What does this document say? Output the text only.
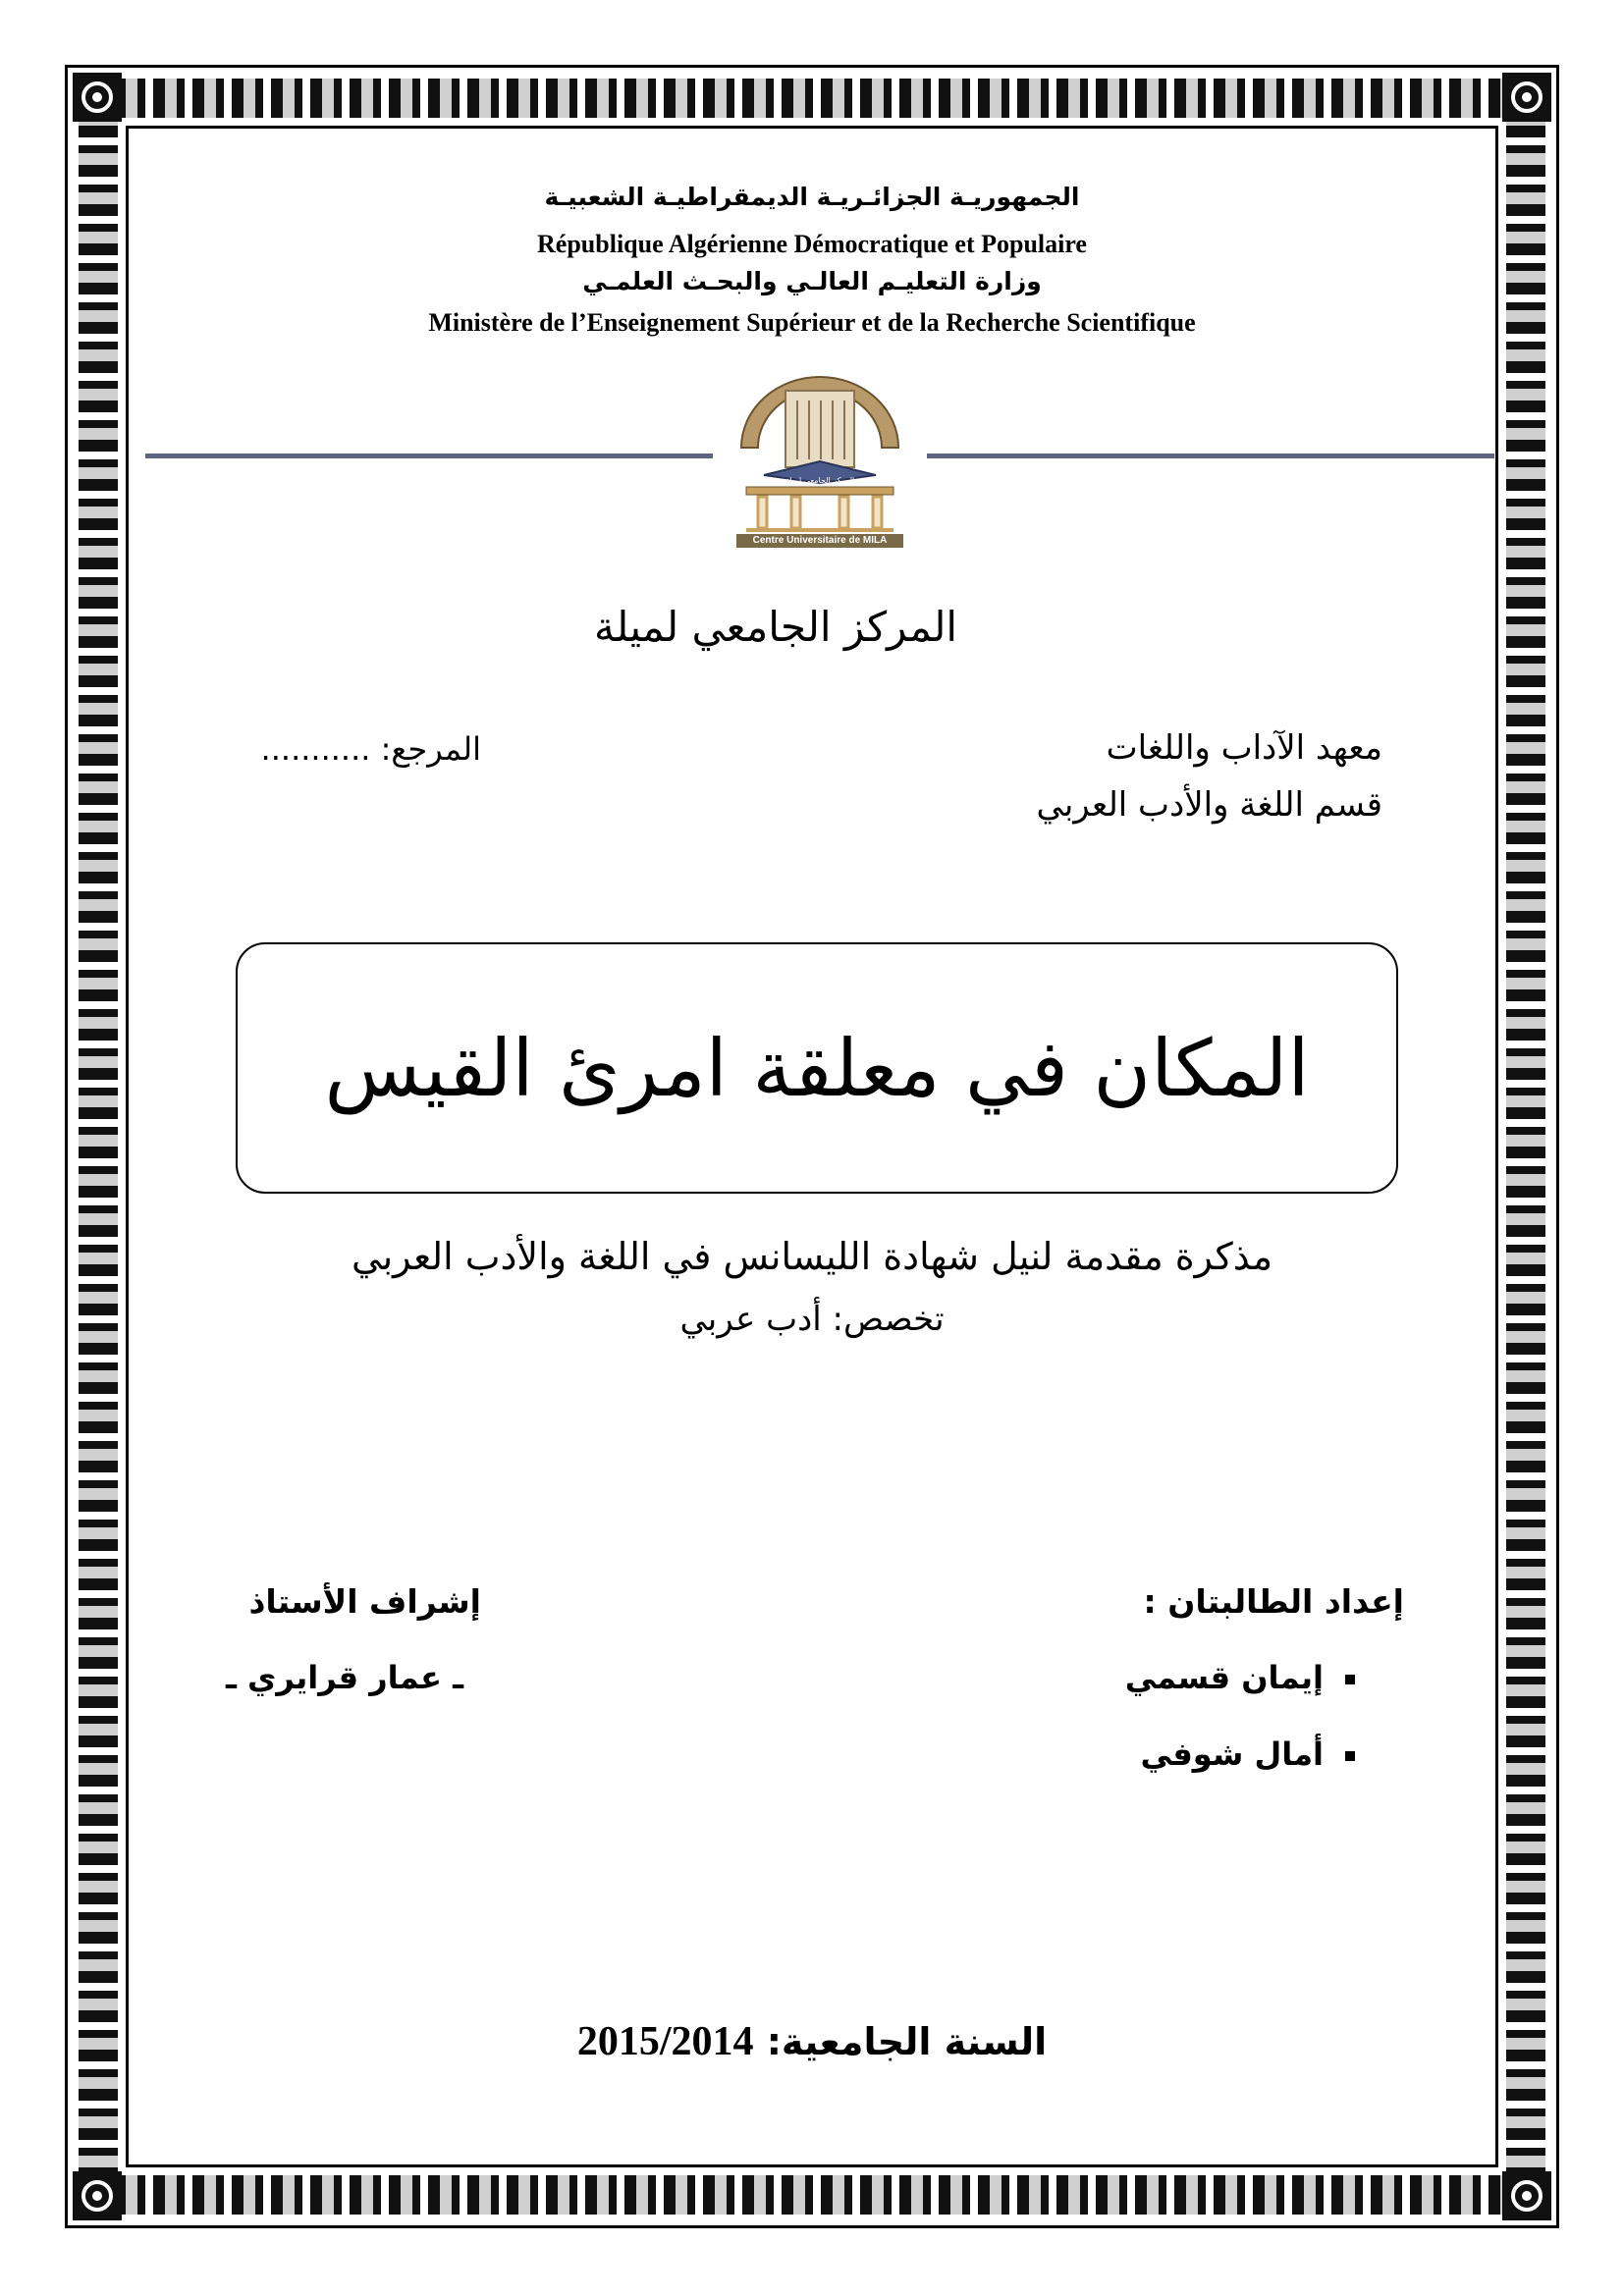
الجمهوريـة الجزائـريـة الديمقراطيـة الشعبيـة
République Algérienne Démocratique et Populaire
وزارة التعليـم العالـي والبحـث العلمـي
Ministère de l’Enseignement Supérieur et de la Recherche Scientifique
المركز الجامعي لميلة
Centre Universitaire de MILA
المركز الجامعي لميلة
معهد الآداب واللغات
المرجع: ...........
قسم اللغة والأدب العربي
المكان في معلقة امرئ القيس
مذكرة مقدمة لنيل شهادة الليسانس في اللغة والأدب العربي
تخصص: أدب عربي
إعداد الطالبتان :
إيمان قسمي
أمال شوفي
إشراف الأستاذ
ـ عمار قرايري ـ
السنة الجامعية: 2015/2014
